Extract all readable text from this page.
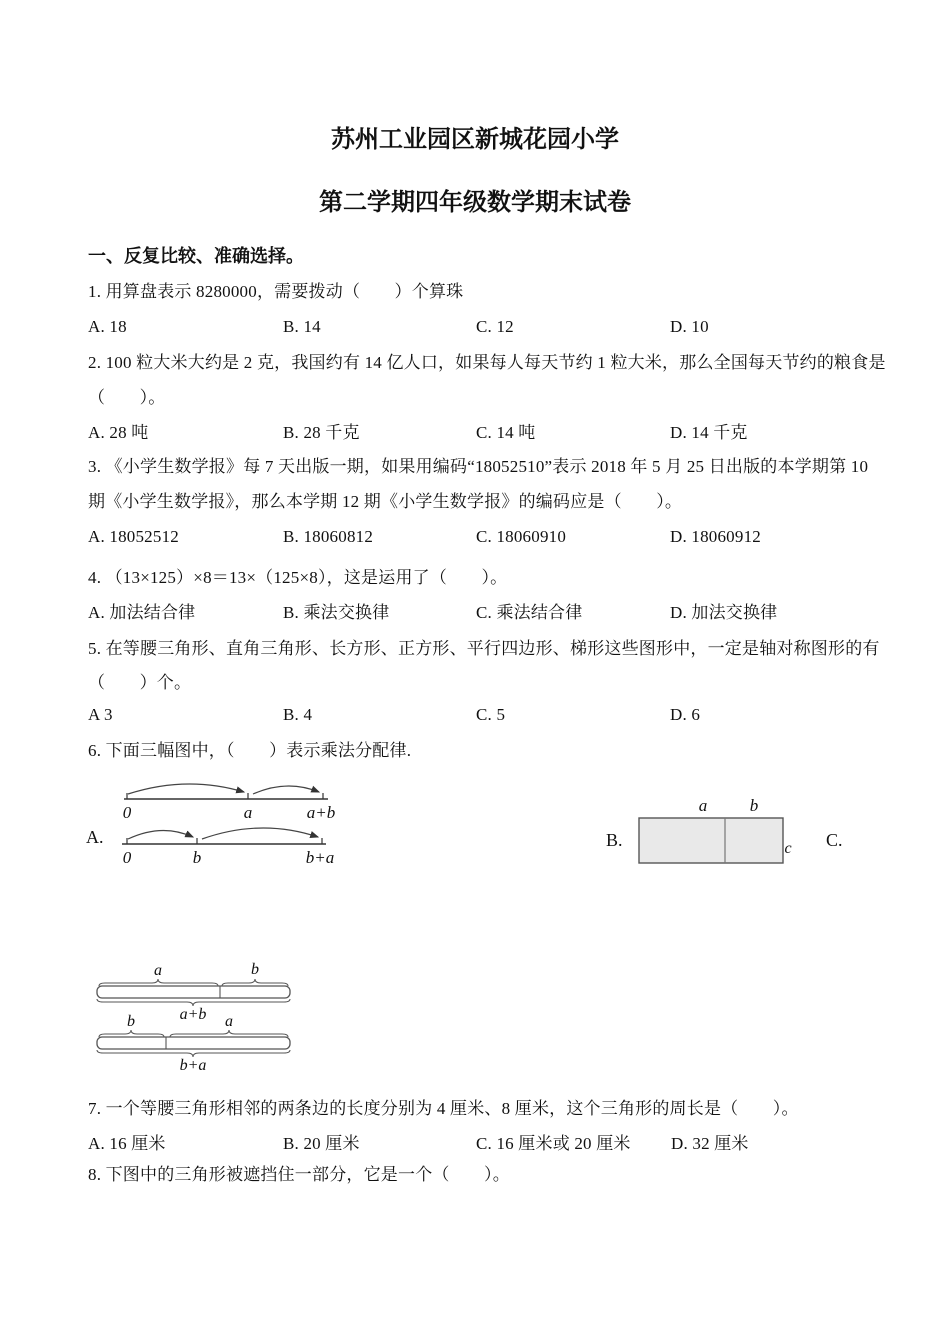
苏州工业园区新城花园小学
第二学期四年级数学期末试卷
一、反复比较、准确选择。
1. 用算盘表示 8280000，需要拨动（　　）个算珠
A. 18	B. 14	C. 12	D. 10
2. 100 粒大米大约是 2 克，我国约有 14 亿人口，如果每人每天节约 1 粒大米，那么全国每天节约的粮食是
（　　）。
A. 28 吨	B. 28 千克	C. 14 吨	D. 14 千克
3. 《小学生数学报》每 7 天出版一期，如果用编码“18052510”表示 2018 年 5 月 25 日出版的本学期第 10
期《小学生数学报》，那么本学期 12 期《小学生数学报》的编码应是（　　）。
A. 18052512	B. 18060812	C. 18060910	D. 18060912
4. （13×125）×8＝13×（125×8），这是运用了（　　）。
A. 加法结合律	B. 乘法交换律	C. 乘法结合律	D. 加法交换律
5. 在等腰三角形、直角三角形、长方形、正方形、平行四边形、梯形这些图形中，一定是轴对称图形的有
（　　）个。
A 3	B. 4	C. 5	D. 6
6. 下面三幅图中，（　　）表示乘法分配律.
A.
0	a	a+b
0	b	b+a
B.
a	b
c C.
a	b
a+b
b	a
b+a
7. 一个等腰三角形相邻的两条边的长度分别为 4 厘米、8 厘米，这个三角形的周长是（　　）。
A. 16 厘米	B. 20 厘米	C. 16 厘米或 20 厘米 D. 32 厘米
8. 下图中的三角形被遮挡住一部分，它是一个（　　）。
